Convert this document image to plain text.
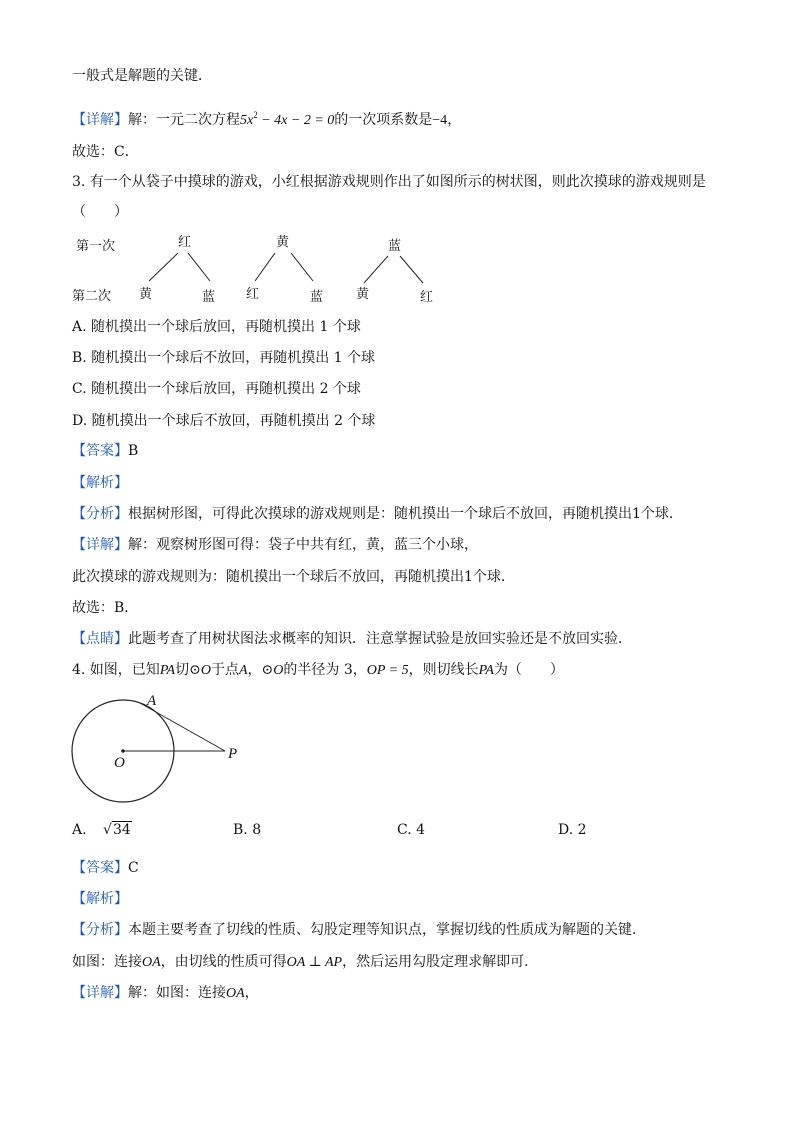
一般式是解题的关键．
【详解】解：一元二次方程$5x^2 - 4x - 2 = 0$的一次项系数是−4，
故选：C．
3. 有一个从袋子中摸球的游戏，小红根据游戏规则作出了如图所示的树状图，则此次摸球的游戏规则是
（　　）
第一次
第二次
红	黄	蓝
黄	蓝 红	蓝	黄	红
A. 随机摸出一个球后放回，再随机摸出 1 个球
B. 随机摸出一个球后不放回，再随机摸出 1 个球
C. 随机摸出一个球后放回，再随机摸出 2 个球
D. 随机摸出一个球后不放回，再随机摸出 2 个球
【答案】B
【解析】
【分析】根据树形图，可得此次摸球的游戏规则是：随机摸出一个球后不放回，再随机摸出1个球．
【详解】解：观察树形图可得：袋子中共有红，黄，蓝三个小球，
此次摸球的游戏规则为：随机摸出一个球后不放回，再随机摸出1个球．
故选：B．
【点睛】此题考查了用树状图法求概率的知识．注意掌握试验是放回实验还是不放回实验．
4. 如图，已知PA切⊙O于点A，⊙O的半径为 3，OP = 5，则切线长PA为（　　）
A
O
P
A. √34	B. 8	C. 4	D. 2
【答案】C
【解析】
【分析】本题主要考查了切线的性质、勾股定理等知识点，掌握切线的性质成为解题的关键．
如图：连接OA，由切线的性质可得OA ⊥ AP，然后运用勾股定理求解即可．
【详解】解：如图：连接OA，
